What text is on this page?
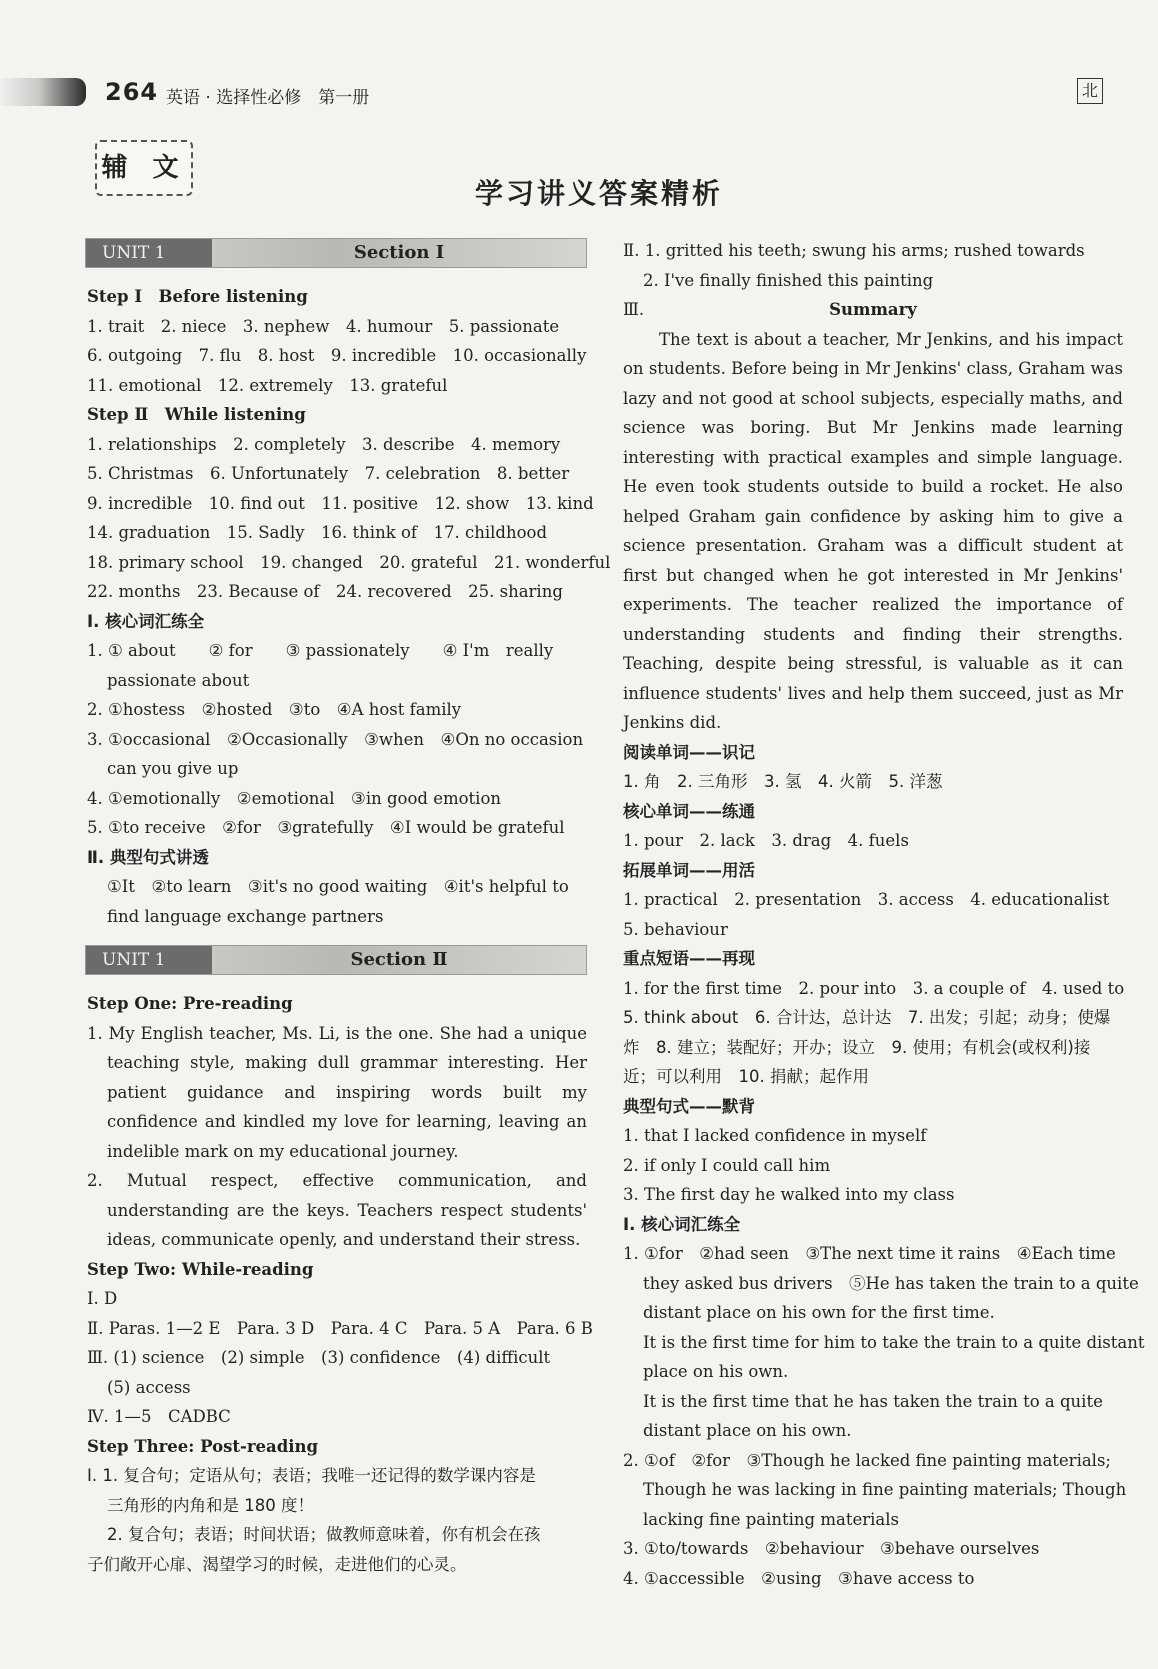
264 英语 · 选择性必修　第一册	北
辅 文
学习讲义答案精析
UNIT 1	Section Ⅰ
Step Ⅰ　Before listening
1. trait　2. niece　3. nephew　4. humour　5. passionate
6. outgoing　7. flu　8. host　9. incredible　10. occasionally
11. emotional　12. extremely　13. grateful
Step Ⅱ　While listening
1. relationships　2. completely　3. describe　4. memory
5. Christmas　6. Unfortunately　7. celebration　8. better
9. incredible　10. find out　11. positive　12. show　13. kind
14. graduation　15. Sadly　16. think of　17. childhood
18. primary school　19. changed　20. grateful　21. wonderful
22. months　23. Because of　24. recovered　25. sharing
Ⅰ. 核心词汇练全
1. ① about　　② for　　③ passionately　　④ I'm　really
passionate about
2. ①hostess　②hosted　③to　④A host family
3. ①occasional　②Occasionally　③when　④On no occasion
can you give up
4. ①emotionally　②emotional　③in good emotion
5. ①to receive　②for　③gratefully　④I would be grateful
Ⅱ. 典型句式讲透
①It　②to learn　③it's no good waiting　④it's helpful to
find language exchange partners
UNIT 1	Section Ⅱ
Step One: Pre-reading
1. My English teacher, Ms. Li, is the one. She had a unique teaching style, making dull grammar interesting. Her patient guidance and inspiring words built my confidence and kindled my love for learning, leaving an indelible mark on my educational journey.
2. Mutual respect, effective communication, and understanding are the keys. Teachers respect students' ideas, communicate openly, and understand their stress.
Step Two: While-reading
Ⅰ. D
Ⅱ. Paras. 1—2 E　Para. 3 D　Para. 4 C　Para. 5 A　Para. 6 B
Ⅲ. (1) science　(2) simple　(3) confidence　(4) difficult
(5) access
Ⅳ. 1—5　CADBC
Step Three: Post-reading
Ⅰ. 1. 复合句；定语从句；表语；我唯一还记得的数学课内容是
三角形的内角和是 180 度！
2. 复合句；表语；时间状语；做教师意味着，你有机会在孩
子们敞开心扉、渴望学习的时候，走进他们的心灵。
Ⅱ. 1. gritted his teeth; swung his arms; rushed towards
2. I've finally finished this painting
Ⅲ.	Summary
The text is about a teacher, Mr Jenkins, and his impact on students. Before being in Mr Jenkins' class, Graham was lazy and not good at school subjects, especially maths, and science was boring. But Mr Jenkins made learning interesting with practical examples and simple language. He even took students outside to build a rocket. He also helped Graham gain confidence by asking him to give a science presentation. Graham was a difficult student at first but changed when he got interested in Mr Jenkins' experiments. The teacher realized the importance of understanding students and finding their strengths. Teaching, despite being stressful, is valuable as it can influence students' lives and help them succeed, just as Mr Jenkins did.
阅读单词——识记
1. 角　2. 三角形　3. 氢　4. 火箭　5. 洋葱
核心单词——练通
1. pour　2. lack　3. drag　4. fuels
拓展单词——用活
1. practical　2. presentation　3. access　4. educationalist
5. behaviour
重点短语——再现
1. for the first time　2. pour into　3. a couple of　4. used to
5. think about　6. 合计达，总计达　7. 出发；引起；动身；使爆
炸　8. 建立；装配好；开办；设立　9. 使用；有机会(或权利)接
近；可以利用　10. 捐献；起作用
典型句式——默背
1. that I lacked confidence in myself
2. if only I could call him
3. The first day he walked into my class
Ⅰ. 核心词汇练全
1. ①for　②had seen　③The next time it rains　④Each time
they asked bus drivers　⑤He has taken the train to a quite
distant place on his own for the first time.
It is the first time for him to take the train to a quite distant
place on his own.
It is the first time that he has taken the train to a quite
distant place on his own.
2. ①of　②for　③Though he lacked fine painting materials;
Though he was lacking in fine painting materials; Though
lacking fine painting materials
3. ①to/towards　②behaviour　③behave ourselves
4. ①accessible　②using　③have access to
